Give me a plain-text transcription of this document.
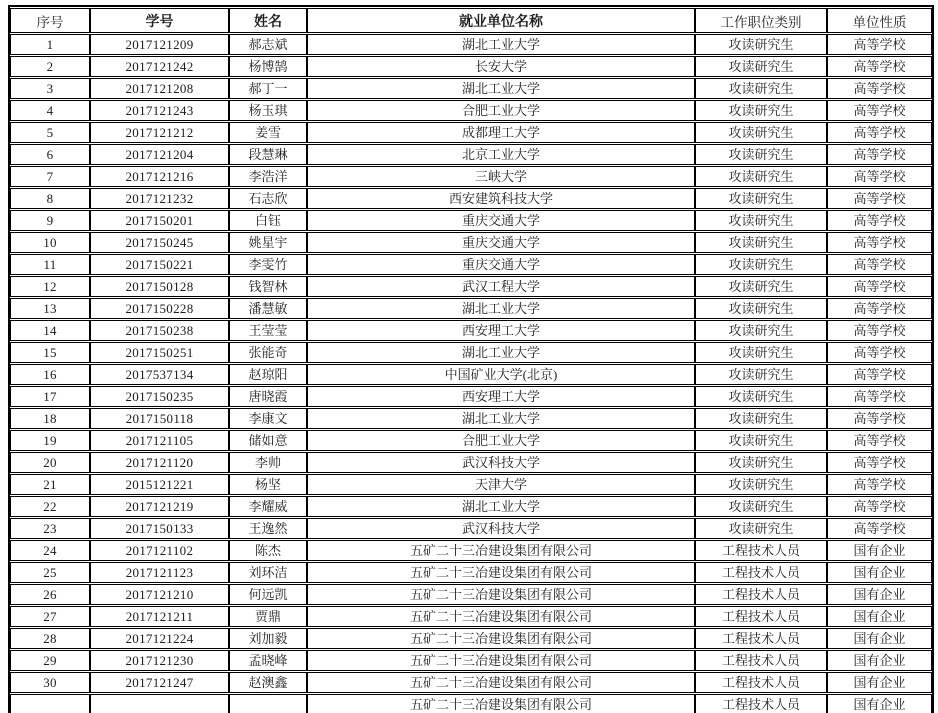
序号	学号	姓名	就业单位名称	工作职位类别	单位性质
1	2017121209	郝志斌	湖北工业大学	攻读研究生	高等学校
2	2017121242	杨博鹄	长安大学	攻读研究生	高等学校
3	2017121208	郝丁一	湖北工业大学	攻读研究生	高等学校
4	2017121243	杨玉琪	合肥工业大学	攻读研究生	高等学校
5	2017121212	姜雪	成都理工大学	攻读研究生	高等学校
6	2017121204	段慧琳	北京工业大学	攻读研究生	高等学校
7	2017121216	李浩洋	三峡大学	攻读研究生	高等学校
8	2017121232	石志欣	西安建筑科技大学	攻读研究生	高等学校
9	2017150201	白钰	重庆交通大学	攻读研究生	高等学校
10	2017150245	姚星宇	重庆交通大学	攻读研究生	高等学校
11	2017150221	李雯竹	重庆交通大学	攻读研究生	高等学校
12	2017150128	钱智林	武汉工程大学	攻读研究生	高等学校
13	2017150228	潘慧敏	湖北工业大学	攻读研究生	高等学校
14	2017150238	王莹莹	西安理工大学	攻读研究生	高等学校
15	2017150251	张能奇	湖北工业大学	攻读研究生	高等学校
16	2017537134	赵琼阳	中国矿业大学(北京)	攻读研究生	高等学校
17	2017150235	唐晓霞	西安理工大学	攻读研究生	高等学校
18	2017150118	李康文	湖北工业大学	攻读研究生	高等学校
19	2017121105	储如意	合肥工业大学	攻读研究生	高等学校
20	2017121120	李帅	武汉科技大学	攻读研究生	高等学校
21	2015121221	杨坚	天津大学	攻读研究生	高等学校
22	2017121219	李耀威	湖北工业大学	攻读研究生	高等学校
23	2017150133	王逸然	武汉科技大学	攻读研究生	高等学校
24	2017121102	陈杰	五矿二十三冶建设集团有限公司	工程技术人员	国有企业
25	2017121123	刘环洁	五矿二十三冶建设集团有限公司	工程技术人员	国有企业
26	2017121210	何远凯	五矿二十三冶建设集团有限公司	工程技术人员	国有企业
27	2017121211	贾鼎	五矿二十三冶建设集团有限公司	工程技术人员	国有企业
28	2017121224	刘加毅	五矿二十三冶建设集团有限公司	工程技术人员	国有企业
29	2017121230	孟晓峰	五矿二十三冶建设集团有限公司	工程技术人员	国有企业
30	2017121247	赵澳鑫	五矿二十三冶建设集团有限公司	工程技术人员	国有企业
			五矿二十三冶建设集团有限公司	工程技术人员	国有企业
